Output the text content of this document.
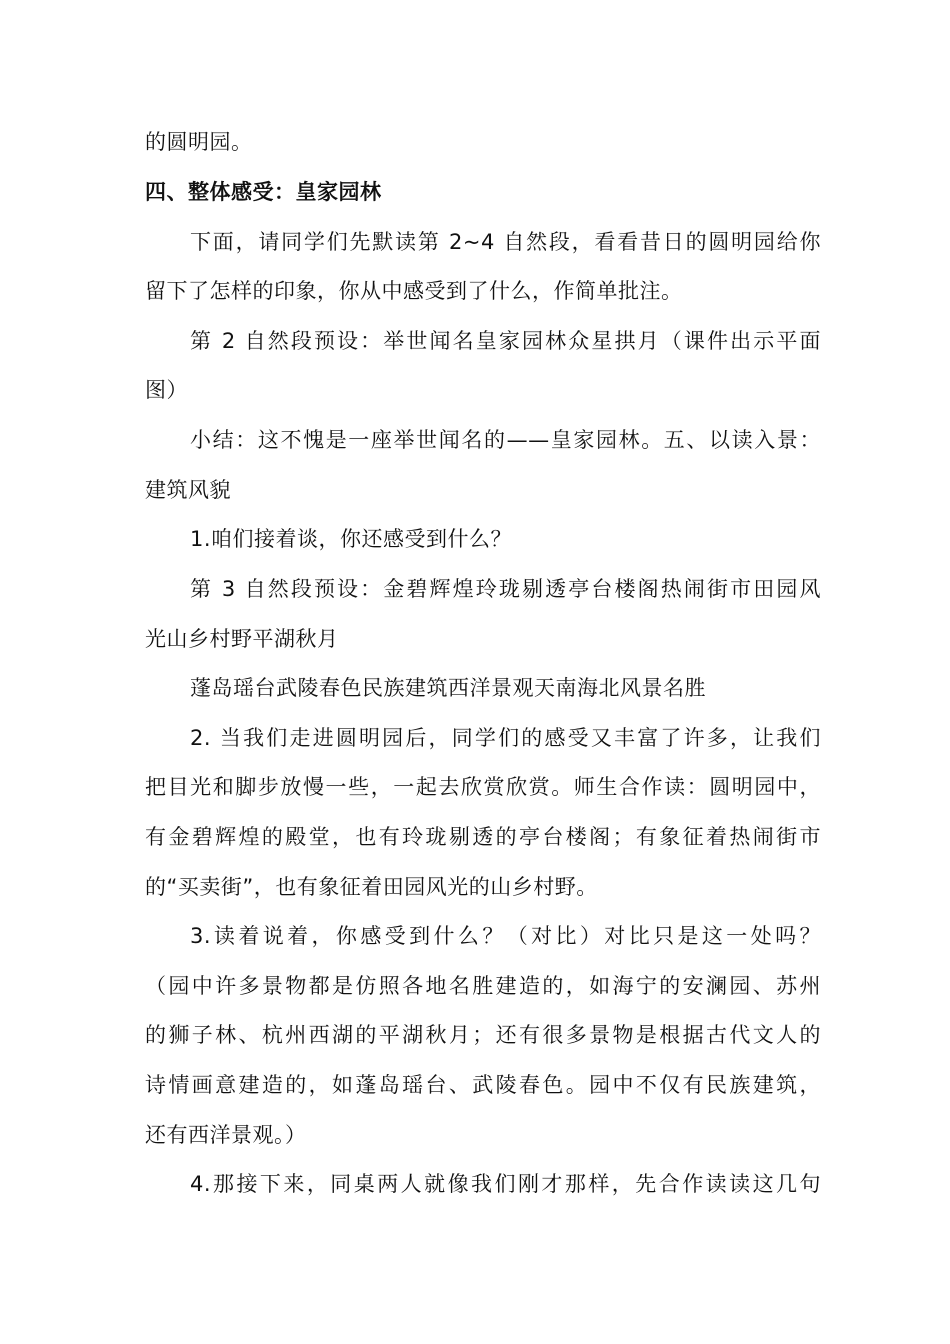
的圆明园。
四、整体感受：皇家园林
下面，请同学们先默读第 2~4 自然段，看看昔日的圆明园给你
留下了怎样的印象，你从中感受到了什么，作简单批注。
第 2 自然段预设：举世闻名皇家园林众星拱月（课件出示平面
图）
小结：这不愧是一座举世闻名的——皇家园林。五、以读入景：
建筑风貌
1.咱们接着谈，你还感受到什么？
第 3 自然段预设：金碧辉煌玲珑剔透亭台楼阁热闹街市田园风
光山乡村野平湖秋月
蓬岛瑶台武陵春色民族建筑西洋景观天南海北风景名胜
2. 当我们走进圆明园后，同学们的感受又丰富了许多，让我们
把目光和脚步放慢一些，一起去欣赏欣赏。师生合作读：圆明园中，
有金碧辉煌的殿堂，也有玲珑剔透的亭台楼阁；有象征着热闹街市
的“买卖街”，也有象征着田园风光的山乡村野。
3.读着说着，你感受到什么？（对比）对比只是这一处吗？
（园中许多景物都是仿照各地名胜建造的，如海宁的安澜园、苏州
的狮子林、杭州西湖的平湖秋月；还有很多景物是根据古代文人的
诗情画意建造的，如蓬岛瑶台、武陵春色。园中不仅有民族建筑，
还有西洋景观。）
4.那接下来，同桌两人就像我们刚才那样，先合作读读这几句
